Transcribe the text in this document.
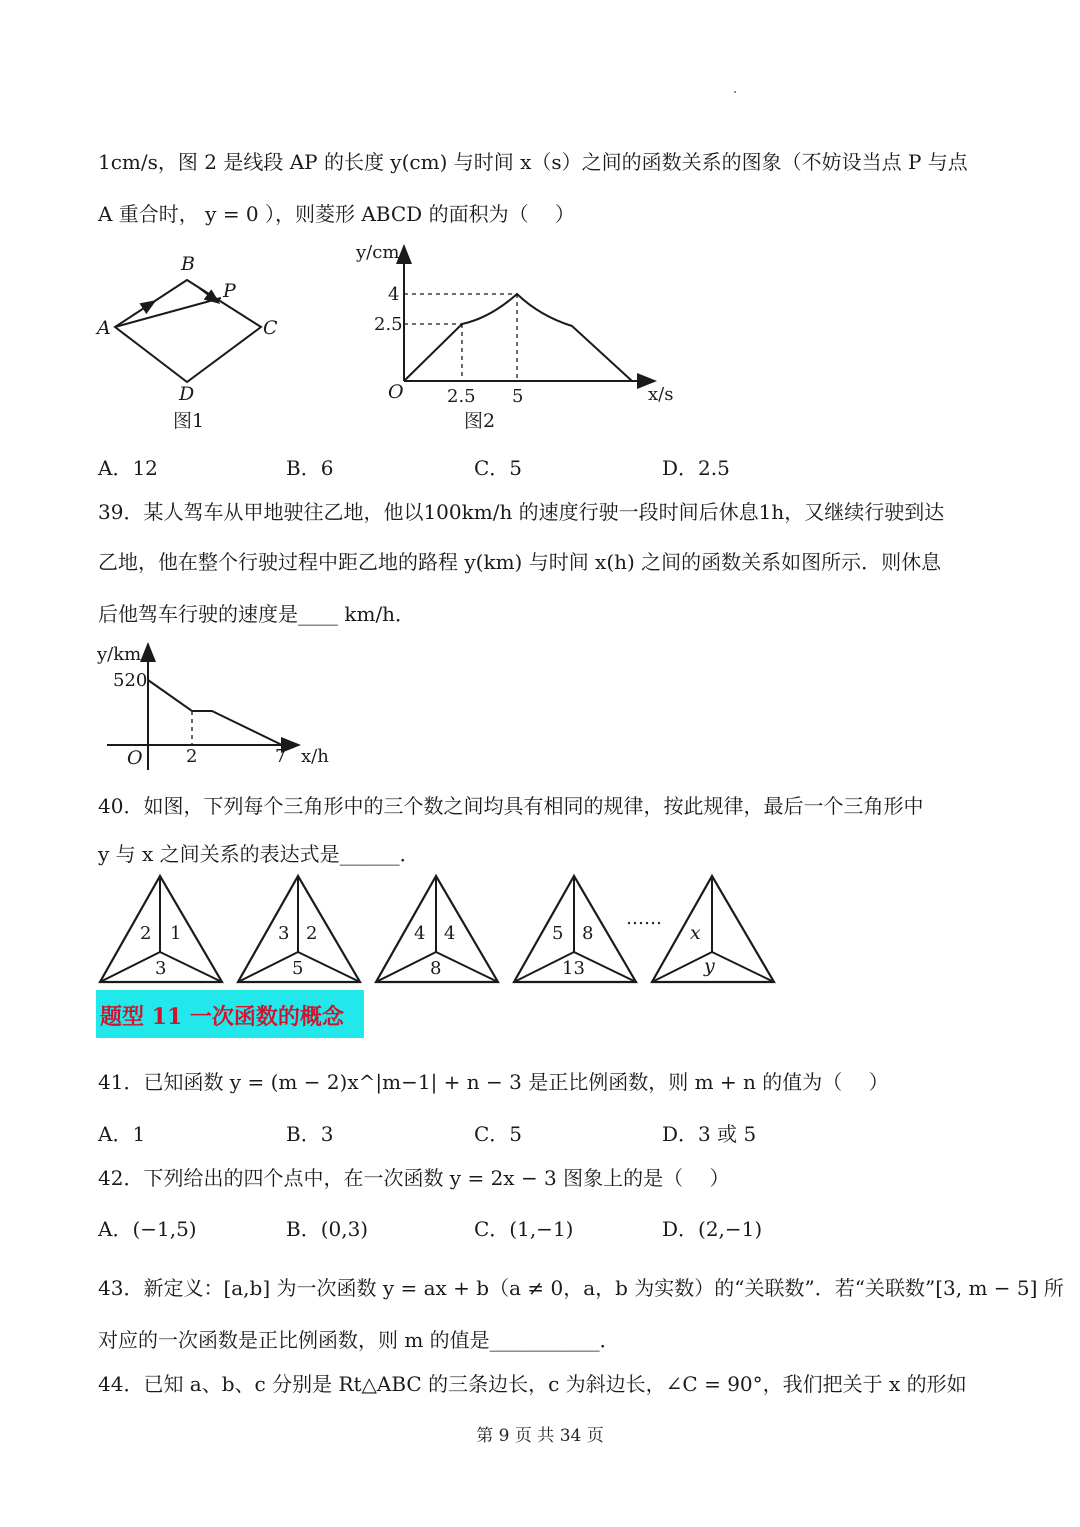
1cm/s，图 2 是线段 AP 的长度 y(cm) 与时间 x（s）之间的函数关系的图象（不妨设当点 P 与点
A 重合时， y = 0 ），则菱形 ABCD 的面积为（　 ）
A
B
C
D
P
图1
y/cm
x/s
O
4
2.5
2.5 5
图2
A．12	B．6	C．5	D．2.5
39．某人驾车从甲地驶往乙地，他以100km/h 的速度行驶一段时间后休息1h，又继续行驶到达
乙地，他在整个行驶过程中距乙地的路程 y(km) 与时间 x(h) 之间的函数关系如图所示．则休息
后他驾车行驶的速度是____ km/h．
y/km
x/h
O
520
2	7
40．如图，下列每个三角形中的三个数之间均具有相同的规律，按此规律，最后一个三角形中
y 与 x 之间关系的表达式是______．
2 1
3
3 2
5
4 4
8
5 8
13
……
x
y
题型 11 一次函数的概念
41．已知函数 y = (m − 2)x^|m−1| + n − 3 是正比例函数，则 m + n 的值为（　 ）
A．1	B．3	C．5	D．3 或 5
42．下列给出的四个点中，在一次函数 y = 2x − 3 图象上的是（　 ）
A．(−1,5)	B．(0,3)	C．(1,−1)	D．(2,−1)
43．新定义：[a,b] 为一次函数 y = ax + b（a ≠ 0，a，b 为实数）的“关联数”．若“关联数”[3, m − 5] 所
对应的一次函数是正比例函数，则 m 的值是___________．
44．已知 a、b、c 分别是 Rt△ABC 的三条边长，c 为斜边长，∠C = 90°，我们把关于 x 的形如
第 9 页 共 34 页
